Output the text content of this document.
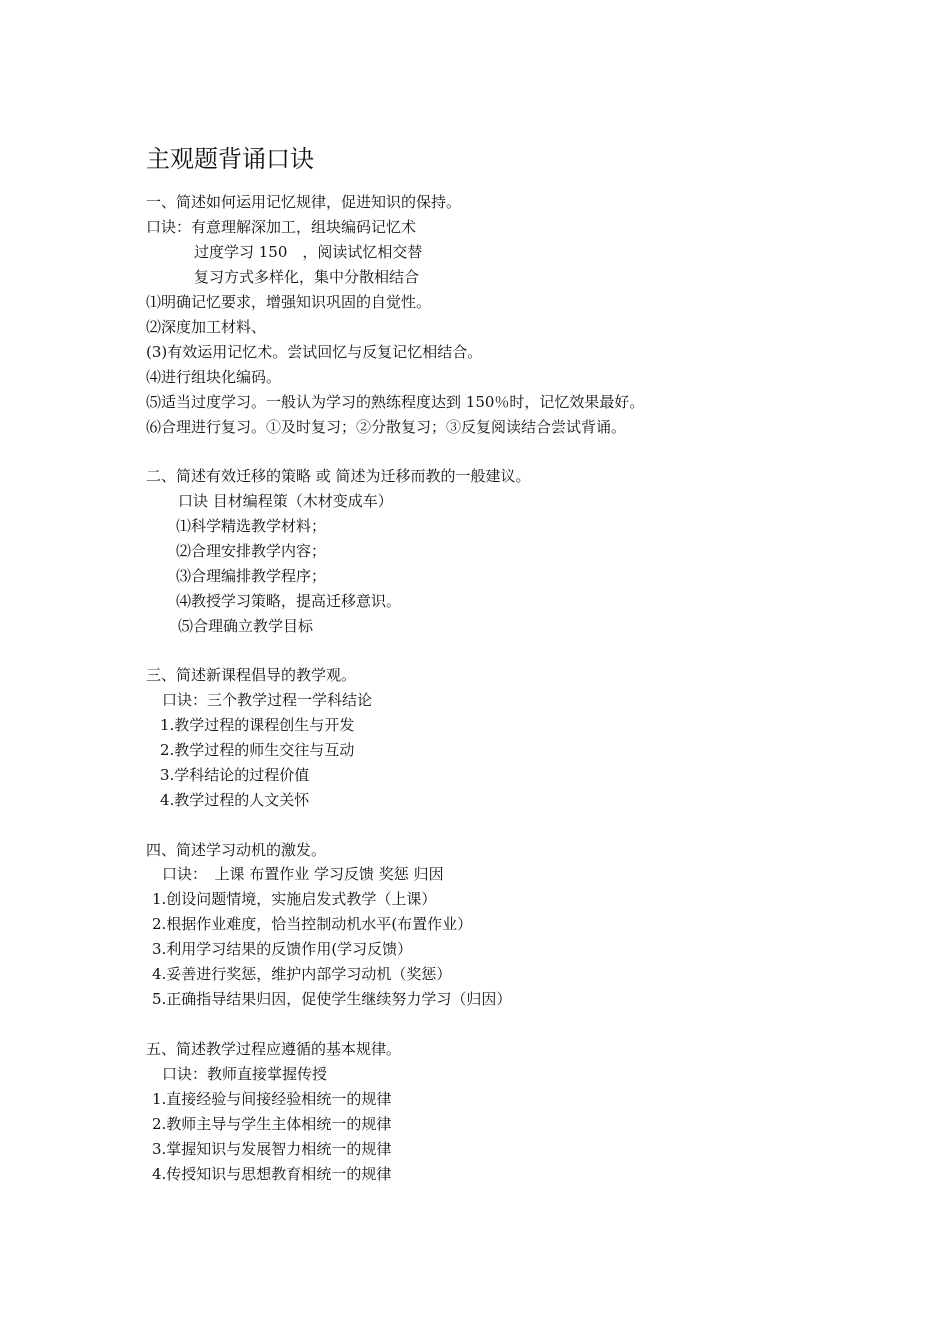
主观题背诵口诀
一、简述如何运用记忆规律，促进知识的保持。
口诀：有意理解深加工，组块编码记忆术
过度学习 150　，阅读试忆相交替
复习方式多样化，集中分散相结合
⑴明确记忆要求，增强知识巩固的自觉性。
⑵深度加工材料、
(3)有效运用记忆术。尝试回忆与反复记忆相结合。
⑷进行组块化编码。
⑸适当过度学习。一般认为学习的熟练程度达到 150％时，记忆效果最好。
⑹合理进行复习。①及时复习；②分散复习；③反复阅读结合尝试背诵。
二、简述有效迁移的策略 或 简述为迁移而教的一般建议。
口诀 目材编程策（木材变成车）
⑴科学精选教学材料；
⑵合理安排教学内容；
⑶合理编排教学程序；
⑷教授学习策略，提高迁移意识。
⑸合理确立教学目标
三、简述新课程倡导的教学观。
口诀：三个教学过程一学科结论
1.教学过程的课程创生与开发
2.教学过程的师生交往与互动
3.学科结论的过程价值
4.教学过程的人文关怀
四、简述学习动机的激发。
口诀：　上课 布置作业 学习反馈 奖惩 归因
1.创设问题情境，实施启发式教学（上课）
2.根据作业难度，恰当控制动机水平(布置作业）
3.利用学习结果的反馈作用(学习反馈）
4.妥善进行奖惩，维护内部学习动机（奖惩）
5.正确指导结果归因，促使学生继续努力学习（归因）
五、简述教学过程应遵循的基本规律。
口诀：教师直接掌握传授
1.直接经验与间接经验相统一的规律
2.教师主导与学生主体相统一的规律
3.掌握知识与发展智力相统一的规律
4.传授知识与思想教育相统一的规律
